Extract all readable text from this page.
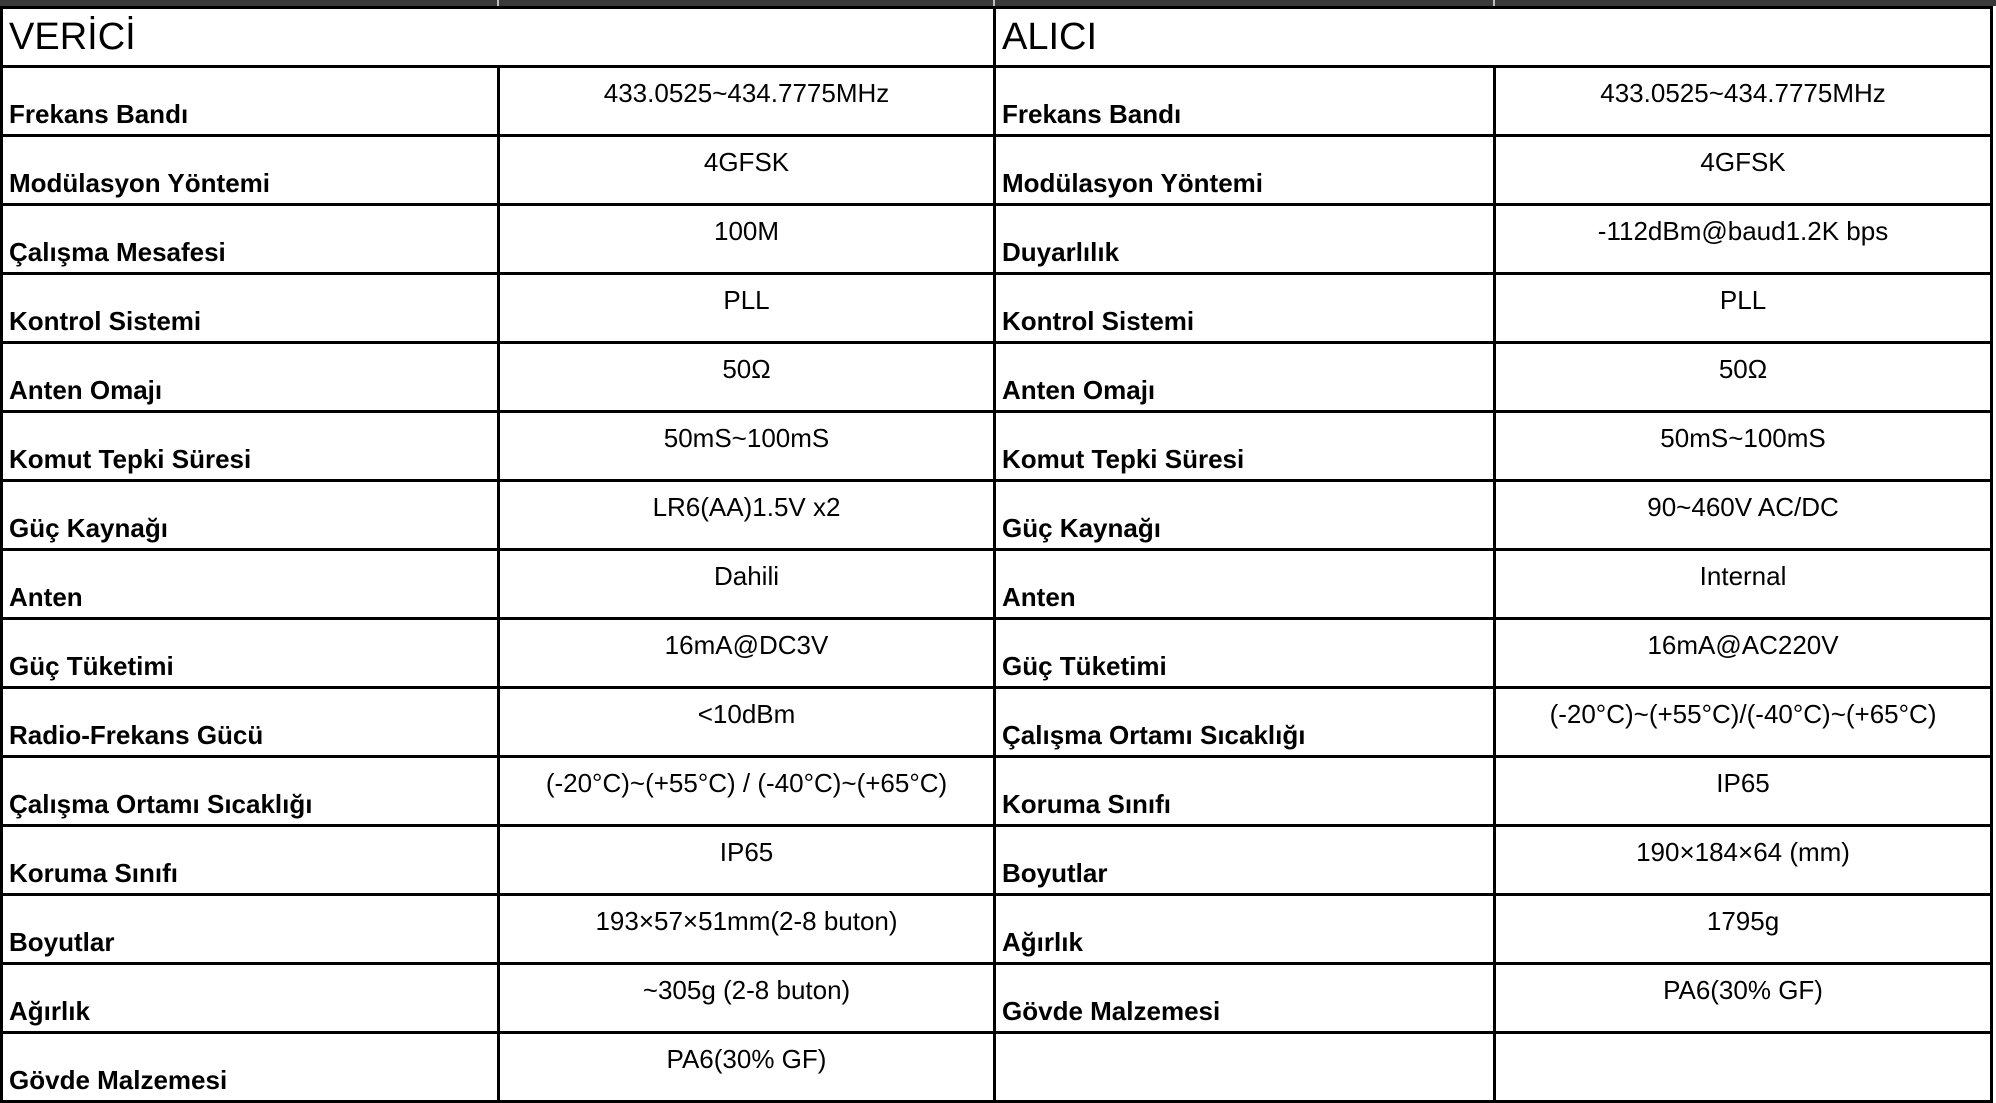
VERİCİ		ALICI	
Frekans Bandı	433.0525~434.7775MHz	Frekans Bandı	433.0525~434.7775MHz
Modülasyon Yöntemi	4GFSK	Modülasyon Yöntemi	4GFSK
Çalışma Mesafesi	100M	Duyarlılık	-112dBm@baud1.2K bps
Kontrol Sistemi	PLL	Kontrol Sistemi	PLL
Anten Omajı	50Ω	Anten Omajı	50Ω
Komut Tepki Süresi	50mS~100mS	Komut Tepki Süresi	50mS~100mS
Güç Kaynağı	LR6(AA)1.5V x2	Güç Kaynağı	90~460V AC/DC
Anten	Dahili	Anten	Internal
Güç Tüketimi	16mA@DC3V	Güç Tüketimi	16mA@AC220V
Radio-Frekans Gücü	<10dBm	Çalışma Ortamı Sıcaklığı	(-20°C)~(+55°C)/(-40°C)~(+65°C)
Çalışma Ortamı Sıcaklığı	(-20°C)~(+55°C) / (-40°C)~(+65°C)	Koruma Sınıfı	IP65
Koruma Sınıfı	IP65	Boyutlar	190×184×64 (mm)
Boyutlar	193×57×51mm(2-8 buton)	Ağırlık	1795g
Ağırlık	~305g (2-8 buton)	Gövde Malzemesi	PA6(30% GF)
Gövde Malzemesi	PA6(30% GF)		
